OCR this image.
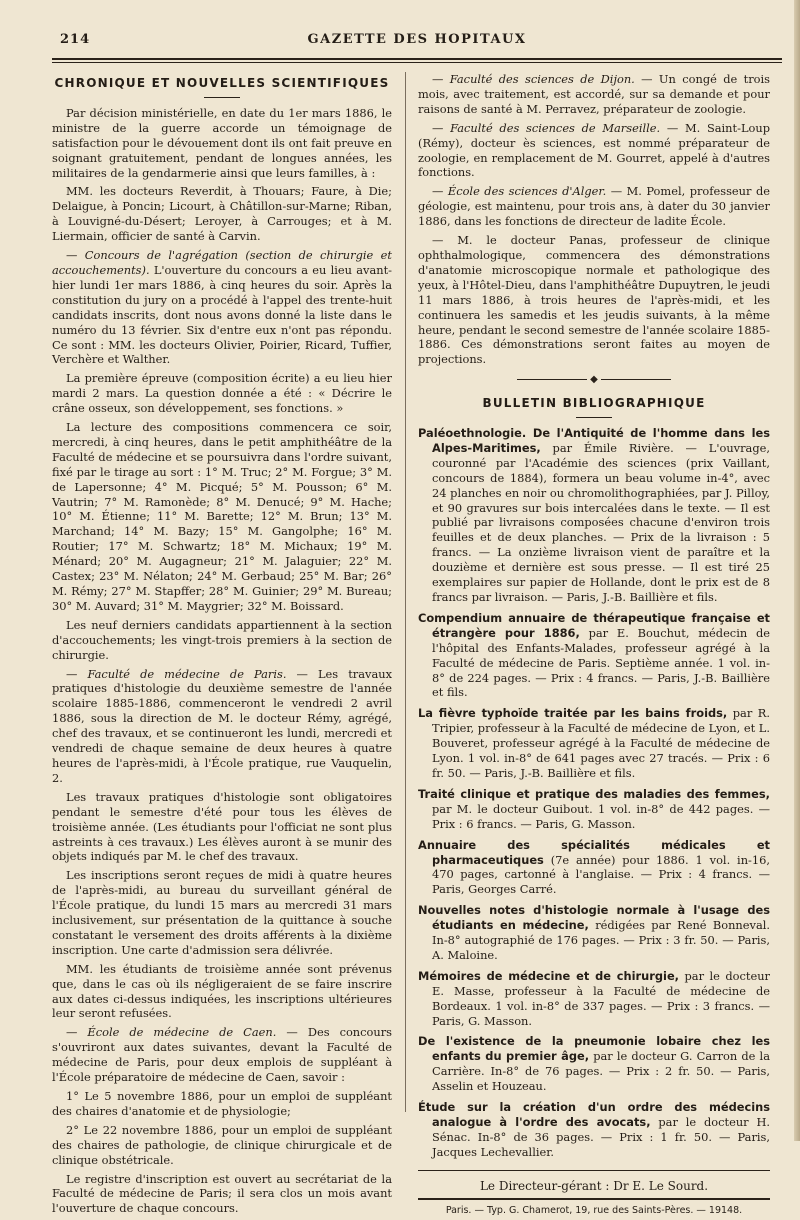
214	GAZETTE DES HOPITAUX
CHRONIQUE ET NOUVELLES SCIENTIFIQUES

Par décision ministérielle, en date du 1er mars 1886, le ministre de la guerre accorde un témoignage de satisfaction pour le dévouement dont ils ont fait preuve en soignant gratuitement, pendant de longues années, les militaires de la gendarmerie ainsi que leurs familles, à :

MM. les docteurs Reverdit, à Thouars; Faure, à Die; Delaigue, à Poncin; Licourt, à Châtillon-sur-Marne; Riban, à Louvigné-du-Désert; Leroyer, à Carrouges; et à M. Liermain, officier de santé à Carvin.

— Concours de l'agrégation (section de chirurgie et accouchements). L'ouverture du concours a eu lieu avant-hier lundi 1er mars 1886, à cinq heures du soir. Après la constitution du jury on a procédé à l'appel des trente-huit candidats inscrits, dont nous avons donné la liste dans le numéro du 13 février. Six d'entre eux n'ont pas répondu. Ce sont : MM. les docteurs Olivier, Poirier, Ricard, Tuffier, Verchère et Walther.

La première épreuve (composition écrite) a eu lieu hier mardi 2 mars. La question donnée a été : « Décrire le crâne osseux, son développement, ses fonctions. »

La lecture des compositions commencera ce soir, mercredi, à cinq heures, dans le petit amphithéâtre de la Faculté de médecine et se poursuivra dans l'ordre suivant, fixé par le tirage au sort : 1° M. Truc; 2° M. Forgue; 3° M. de Lapersonne; 4° M. Picqué; 5° M. Pousson; 6° M. Vautrin; 7° M. Ramonède; 8° M. Denucé; 9° M. Hache; 10° M. Étienne; 11° M. Barette; 12° M. Brun; 13° M. Marchand; 14° M. Bazy; 15° M. Gangolphe; 16° M. Routier; 17° M. Schwartz; 18° M. Michaux; 19° M. Ménard; 20° M. Augagneur; 21° M. Jalaguier; 22° M. Castex; 23° M. Nélaton; 24° M. Gerbaud; 25° M. Bar; 26° M. Rémy; 27° M. Stapffer; 28° M. Guinier; 29° M. Bureau; 30° M. Auvard; 31° M. Maygrier; 32° M. Boissard.

Les neuf derniers candidats appartiennent à la section d'accouchements; les vingt-trois premiers à la section de chirurgie.

— Faculté de médecine de Paris. — Les travaux pratiques d'histologie du deuxième semestre de l'année scolaire 1885-1886, commenceront le vendredi 2 avril 1886, sous la direction de M. le docteur Rémy, agrégé, chef des travaux, et se continueront les lundi, mercredi et vendredi de chaque semaine de deux heures à quatre heures de l'après-midi, à l'École pratique, rue Vauquelin, 2.

Les travaux pratiques d'histologie sont obligatoires pendant le semestre d'été pour tous les élèves de troisième année. (Les étudiants pour l'officiat ne sont plus astreints à ces travaux.) Les élèves auront à se munir des objets indiqués par M. le chef des travaux.

Les inscriptions seront reçues de midi à quatre heures de l'après-midi, au bureau du surveillant général de l'École pratique, du lundi 15 mars au mercredi 31 mars inclusivement, sur présentation de la quittance à souche constatant le versement des droits afférents à la dixième inscription. Une carte d'admission sera délivrée.

MM. les étudiants de troisième année sont prévenus que, dans le cas où ils négligeraient de se faire inscrire aux dates ci-dessus indiquées, les inscriptions ultérieures leur seront refusées.

— École de médecine de Caen. — Des concours s'ouvriront aux dates suivantes, devant la Faculté de médecine de Paris, pour deux emplois de suppléant à l'École préparatoire de médecine de Caen, savoir :

1° Le 5 novembre 1886, pour un emploi de suppléant des chaires d'anatomie et de physiologie;

2° Le 22 novembre 1886, pour un emploi de suppléant des chaires de pathologie, de clinique chirurgicale et de clinique obstétricale.

Le registre d'inscription est ouvert au secrétariat de la Faculté de médecine de Paris; il sera clos un mois avant l'ouverture de chaque concours.

— Faculté des sciences de Dijon. — Un congé de trois mois, avec traitement, est accordé, sur sa demande et pour raisons de santé à M. Perravez, préparateur de zoologie.

— Faculté des sciences de Marseille. — M. Saint-Loup (Rémy), docteur ès sciences, est nommé préparateur de zoologie, en remplacement de M. Gourret, appelé à d'autres fonctions.

— École des sciences d'Alger. — M. Pomel, professeur de géologie, est maintenu, pour trois ans, à dater du 30 janvier 1886, dans les fonctions de directeur de ladite École.

— M. le docteur Panas, professeur de clinique ophthalmologique, commencera des démonstrations d'anatomie microscopique normale et pathologique des yeux, à l'Hôtel-Dieu, dans l'amphithéâtre Dupuytren, le jeudi 11 mars 1886, à trois heures de l'après-midi, et les continuera les samedis et les jeudis suivants, à la même heure, pendant le second semestre de l'année scolaire 1885-1886. Ces démonstrations seront faites au moyen de projections.

◆
BULLETIN BIBLIOGRAPHIQUE

Paléoethnologie. De l'Antiquité de l'homme dans les Alpes-Maritimes, par Émile Rivière. — L'ouvrage, couronné par l'Académie des sciences (prix Vaillant, concours de 1884), formera un beau volume in-4°, avec 24 planches en noir ou chromolithographiées, par J. Pilloy, et 90 gravures sur bois intercalées dans le texte. — Il est publié par livraisons composées chacune d'environ trois feuilles et de deux planches. — Prix de la livraison : 5 francs. — La onzième livraison vient de paraître et la douzième et dernière est sous presse. — Il est tiré 25 exemplaires sur papier de Hollande, dont le prix est de 8 francs par livraison. — Paris, J.-B. Baillière et fils.

Compendium annuaire de thérapeutique française et étrangère pour 1886, par E. Bouchut, médecin de l'hôpital des Enfants-Malades, professeur agrégé à la Faculté de médecine de Paris. Septième année. 1 vol. in-8° de 224 pages. — Prix : 4 francs. — Paris, J.-B. Baillière et fils.

La fièvre typhoïde traitée par les bains froids, par R. Tripier, professeur à la Faculté de médecine de Lyon, et L. Bouveret, professeur agrégé à la Faculté de médecine de Lyon. 1 vol. in-8° de 641 pages avec 27 tracés. — Prix : 6 fr. 50. — Paris, J.-B. Baillière et fils.

Traité clinique et pratique des maladies des femmes, par M. le docteur Guibout. 1 vol. in-8° de 442 pages. — Prix : 6 francs. — Paris, G. Masson.

Annuaire des spécialités médicales et pharmaceutiques (7e année) pour 1886. 1 vol. in-16, 470 pages, cartonné à l'anglaise. — Prix : 4 francs. — Paris, Georges Carré.

Nouvelles notes d'histologie normale à l'usage des étudiants en médecine, rédigées par René Bonneval. In-8° autographié de 176 pages. — Prix : 3 fr. 50. — Paris, A. Maloine.

Mémoires de médecine et de chirurgie, par le docteur E. Masse, professeur à la Faculté de médecine de Bordeaux. 1 vol. in-8° de 337 pages. — Prix : 3 francs. — Paris, G. Masson.

De l'existence de la pneumonie lobaire chez les enfants du premier âge, par le docteur G. Carron de la Carrière. In-8° de 76 pages. — Prix : 2 fr. 50. — Paris, Asselin et Houzeau.

Étude sur la création d'un ordre des médecins analogue à l'ordre des avocats, par le docteur H. Sénac. In-8° de 36 pages. — Prix : 1 fr. 50. — Paris, Jacques Lechevallier.

Le Directeur-gérant : Dr E. Le Sourd.
Paris. — Typ. G. Chamerot, 19, rue des Saints-Pères. — 19148.
